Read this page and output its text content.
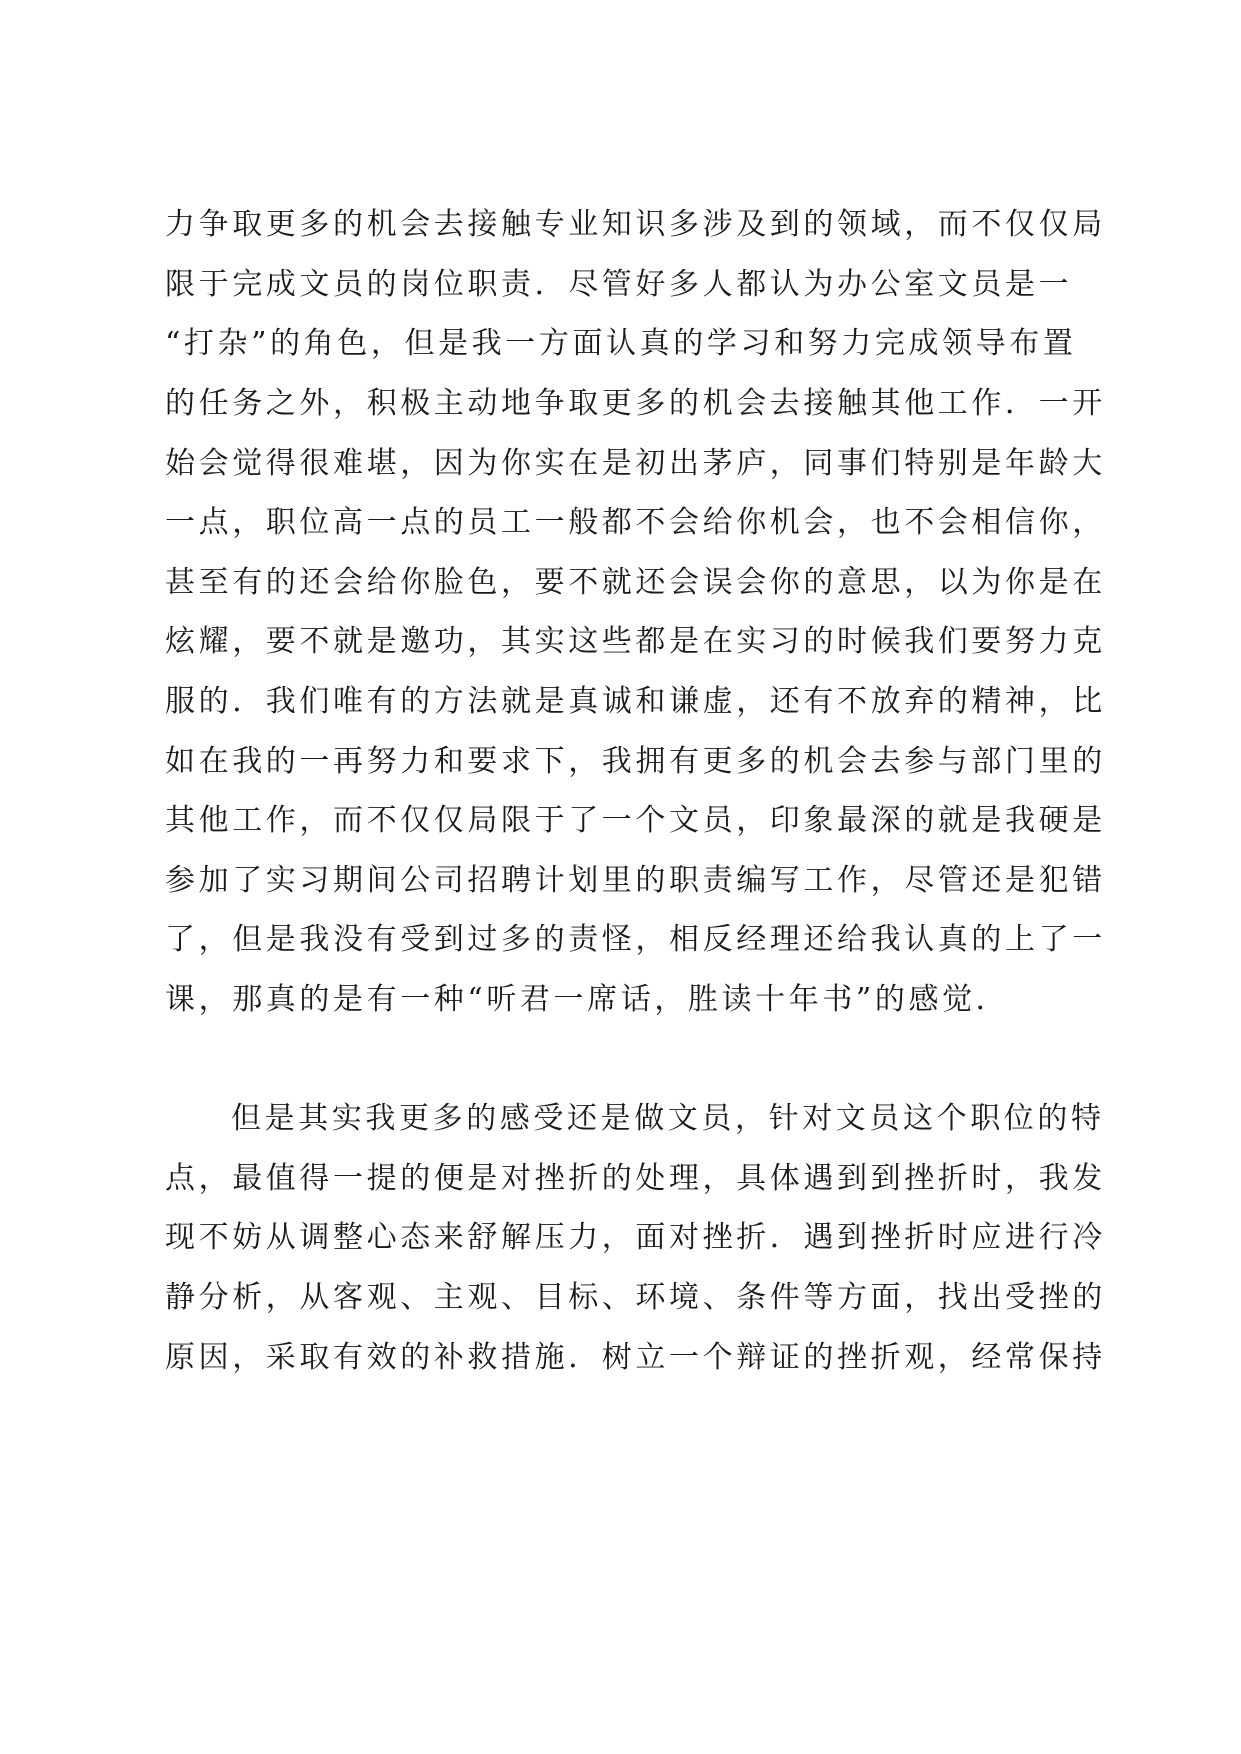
力争取更多的机会去接触专业知识多涉及到的领域，而不仅仅局
限于完成文员的岗位职责．尽管好多人都认为办公室文员是一
“打杂”的角色，但是我一方面认真的学习和努力完成领导布置
的任务之外，积极主动地争取更多的机会去接触其他工作．一开
始会觉得很难堪，因为你实在是初出茅庐，同事们特别是年龄大
一点，职位高一点的员工一般都不会给你机会，也不会相信你，
甚至有的还会给你脸色，要不就还会误会你的意思，以为你是在
炫耀，要不就是邀功，其实这些都是在实习的时候我们要努力克
服的．我们唯有的方法就是真诚和谦虚，还有不放弃的精神，比
如在我的一再努力和要求下，我拥有更多的机会去参与部门里的
其他工作，而不仅仅局限于了一个文员，印象最深的就是我硬是
参加了实习期间公司招聘计划里的职责编写工作，尽管还是犯错
了，但是我没有受到过多的责怪，相反经理还给我认真的上了一
课，那真的是有一种“听君一席话，胜读十年书”的感觉．
但是其实我更多的感受还是做文员，针对文员这个职位的特
点，最值得一提的便是对挫折的处理，具体遇到到挫折时，我发
现不妨从调整心态来舒解压力，面对挫折．遇到挫折时应进行冷
静分析，从客观、主观、目标、环境、条件等方面，找出受挫的
原因，采取有效的补救措施．树立一个辩证的挫折观，经常保持
